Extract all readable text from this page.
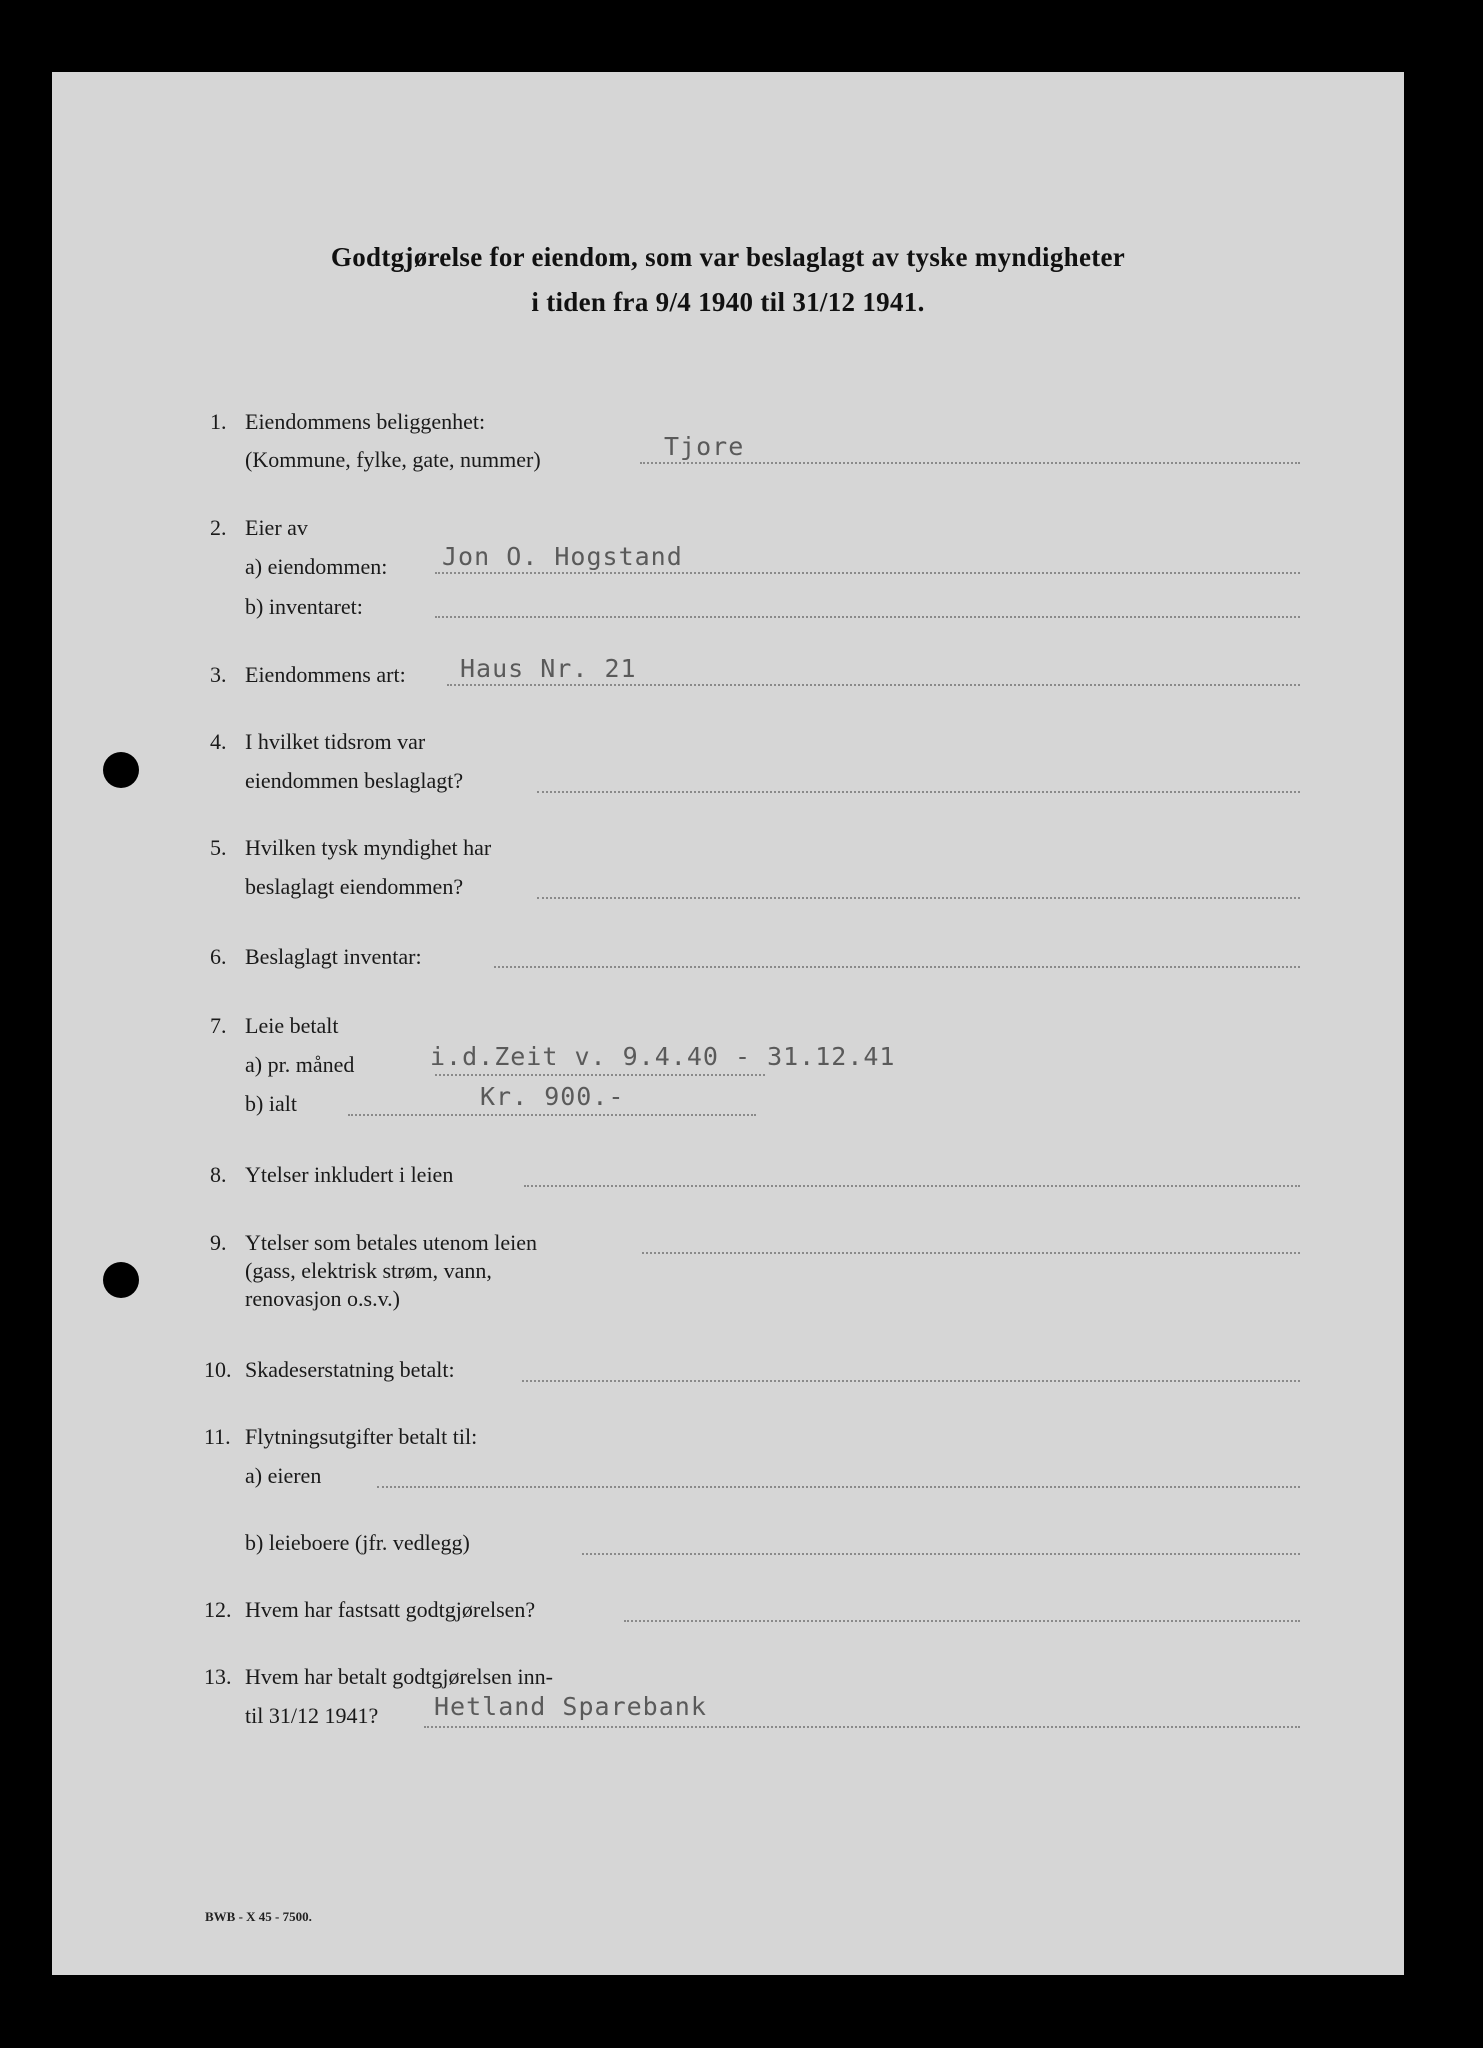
Godtgjørelse for eiendom, som var beslaglagt av tyske myndigheter
i tiden fra 9/4 1940 til 31/12 1941.
1. Eiendommens beliggenhet:
(Kommune, fylke, gate, nummer)	Tjore
2. Eier av
a) eiendommen: Jon O. Hogstand
b) inventaret:
3. Eiendommens art: Haus Nr. 21
4. I hvilket tidsrom var
eiendommen beslaglagt?
5. Hvilken tysk myndighet har
beslaglagt eiendommen?
6. Beslaglagt inventar:
7. Leie betalt
a) pr. måned	i.d.Zeit v. 9.4.40 - 31.12.41
b) ialt	Kr. 900.-
8. Ytelser inkludert i leien
9. Ytelser som betales utenom leien
(gass, elektrisk strøm, vann,
renovasjon o.s.v.)
10. Skadeserstatning betalt:
11. Flytningsutgifter betalt til:
a) eieren
b) leieboere (jfr. vedlegg)
12. Hvem har fastsatt godtgjørelsen?
13. Hvem har betalt godtgjørelsen inn-
til 31/12 1941? Hetland Sparebank
BWB - X 45 - 7500.
